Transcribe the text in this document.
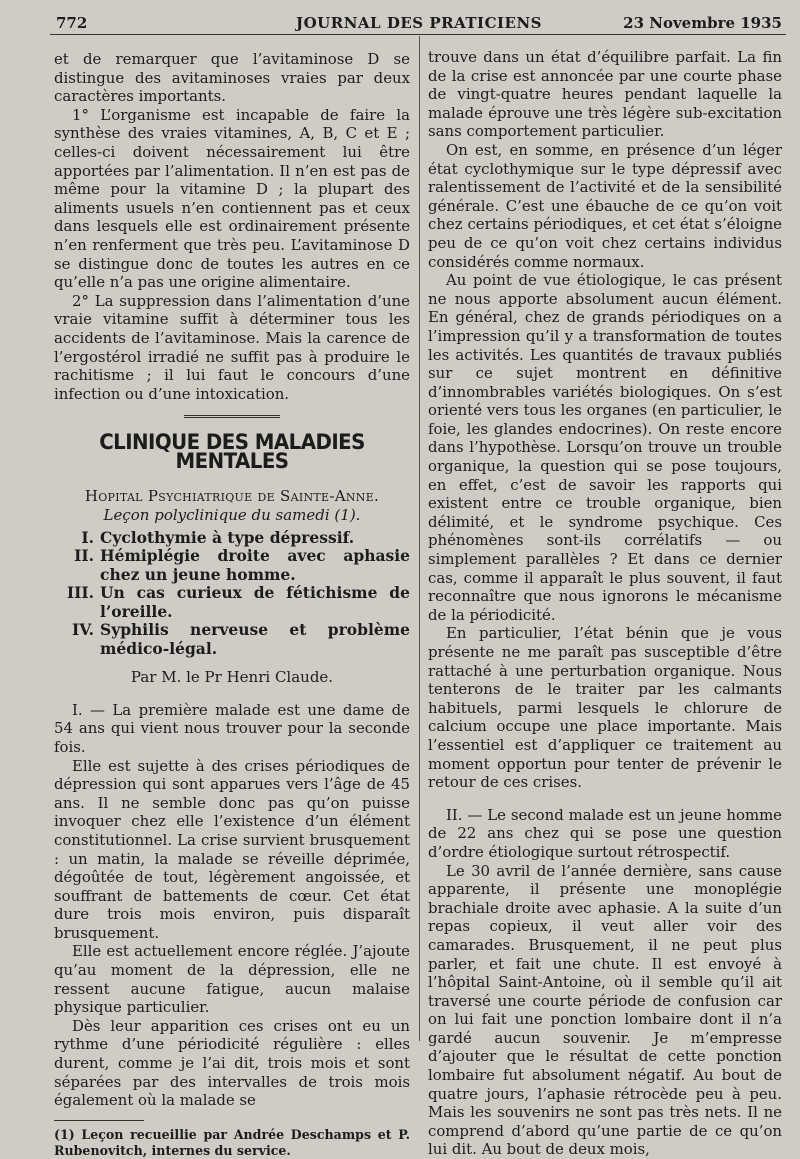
772	JOURNAL DES PRATICIENS	23 Novembre 1935

et de remarquer que l’avitaminose D se distingue des avitaminoses vraies par deux caractères importants.

1° L’organisme est incapable de faire la synthèse des vraies vitamines, A, B, C et E ; celles-ci doivent nécessairement lui être apportées par l’alimentation. Il n’en est pas de même pour la vitamine D ; la plupart des aliments usuels n’en contiennent pas et ceux dans lesquels elle est ordinairement présente n’en renferment que très peu. L’avitaminose D se distingue donc de toutes les autres en ce qu’elle n’a pas une origine alimentaire.

2° La suppression dans l’alimentation d’une vraie vitamine suffit à déterminer tous les accidents de l’avitaminose. Mais la carence de l’ergostérol irradié ne suffit pas à produire le rachitisme ; il lui faut le concours d’une infection ou d’une intoxication.

CLINIQUE DES MALADIES MENTALES
Hopital Psychiatrique de Sainte-Anne.
Leçon polyclinique du samedi (1).
I. Cyclothymie à type dépressif.
II. Hémiplégie droite avec aphasie chez un jeune homme.
III. Un cas curieux de fétichisme de l’oreille.
IV. Syphilis nerveuse et problème médico-légal.
Par M. le Pr Henri Claude.

I. — La première malade est une dame de 54 ans qui vient nous trouver pour la seconde fois.

Elle est sujette à des crises périodiques de dépression qui sont apparues vers l’âge de 45 ans. Il ne semble donc pas qu’on puisse invoquer chez elle l’existence d’un élément constitutionnel. La crise survient brusquement : un matin, la malade se réveille déprimée, dégoûtée de tout, légèrement angoissée, et souffrant de battements de cœur. Cet état dure trois mois environ, puis disparaît brusquement.

Elle est actuellement encore réglée. J’ajoute qu’au moment de la dépression, elle ne ressent aucune fatigue, aucun malaise physique particulier.

Dès leur apparition ces crises ont eu un rythme d’une périodicité régulière : elles durent, comme je l’ai dit, trois mois et sont séparées par des intervalles de trois mois également où la malade se

(1) Leçon recueillie par Andrée Deschamps et P. Rubenovitch, internes du service.

trouve dans un état d’équilibre parfait. La fin de la crise est annoncée par une courte phase de vingt-quatre heures pendant laquelle la malade éprouve une très légère sub-excitation sans comportement particulier.

On est, en somme, en présence d’un léger état cyclothymique sur le type dépressif avec ralentissement de l’activité et de la sensibilité générale. C’est une ébauche de ce qu’on voit chez certains périodiques, et cet état s’éloigne peu de ce qu’on voit chez certains individus considérés comme normaux.

Au point de vue étiologique, le cas présent ne nous apporte absolument aucun élément. En général, chez de grands périodiques on a l’impression qu’il y a transformation de toutes les activités. Les quantités de travaux publiés sur ce sujet montrent en définitive d’innombrables variétés biologiques. On s’est orienté vers tous les organes (en particulier, le foie, les glandes endocrines). On reste encore dans l’hypothèse. Lorsqu’on trouve un trouble organique, la question qui se pose toujours, en effet, c’est de savoir les rapports qui existent entre ce trouble organique, bien délimité, et le syndrome psychique. Ces phénomènes sont-ils corrélatifs — ou simplement parallèles ? Et dans ce dernier cas, comme il apparaît le plus souvent, il faut reconnaître que nous ignorons le mécanisme de la périodicité.

En particulier, l’état bénin que je vous présente ne me paraît pas susceptible d’être rattaché à une perturbation organique. Nous tenterons de le traiter par les calmants habituels, parmi lesquels le chlorure de calcium occupe une place importante. Mais l’essentiel est d’appliquer ce traitement au moment opportun pour tenter de prévenir le retour de ces crises.

II. — Le second malade est un jeune homme de 22 ans chez qui se pose une question d’ordre étiologique surtout rétrospectif.

Le 30 avril de l’année dernière, sans cause apparente, il présente une monoplégie brachiale droite avec aphasie. A la suite d’un repas copieux, il veut aller voir des camarades. Brusquement, il ne peut plus parler, et fait une chute. Il est envoyé à l’hôpital Saint-Antoine, où il semble qu’il ait traversé une courte période de confusion car on lui fait une ponction lombaire dont il n’a gardé aucun souvenir. Je m’empresse d’ajouter que le résultat de cette ponction lombaire fut absolument négatif. Au bout de quatre jours, l’aphasie rétrocède peu à peu. Mais les souvenirs ne sont pas très nets. Il ne comprend d’abord qu’une partie de ce qu’on lui dit. Au bout de deux mois,
